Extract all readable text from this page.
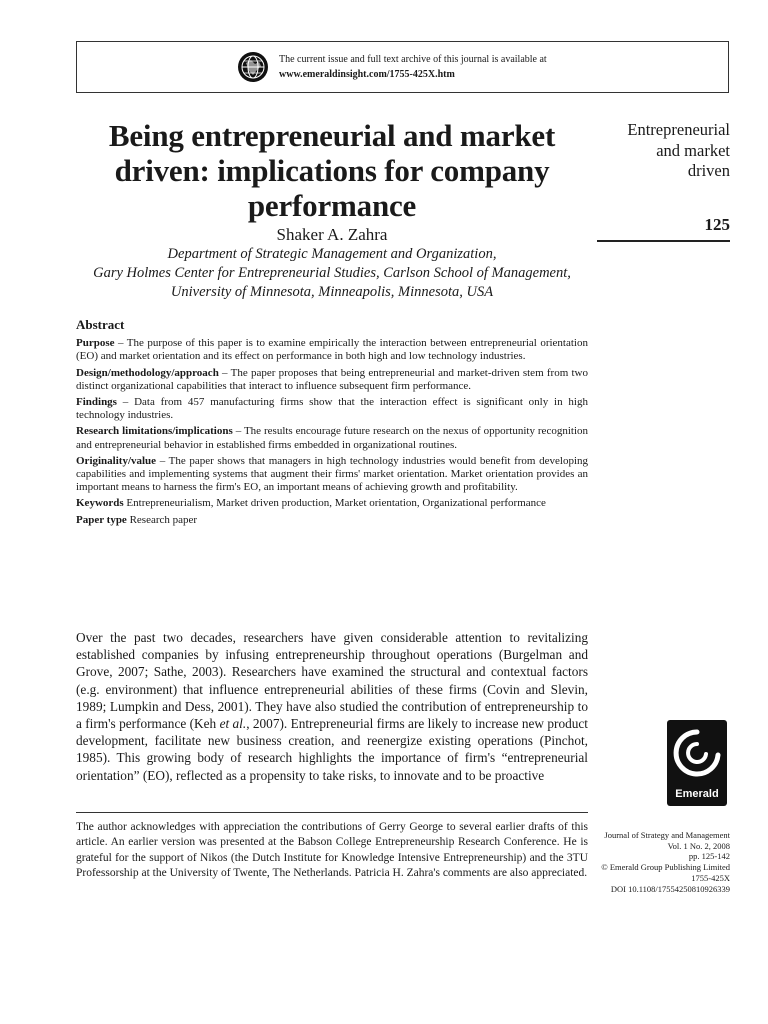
The current issue and full text archive of this journal is available at
www.emeraldinsight.com/1755-425X.htm
Being entrepreneurial and market driven: implications for company performance
Shaker A. Zahra
Department of Strategic Management and Organization,
Gary Holmes Center for Entrepreneurial Studies, Carlson School of Management,
University of Minnesota, Minneapolis, Minnesota, USA
Entrepreneurial
and market
driven
125
Abstract

Purpose – The purpose of this paper is to examine empirically the interaction between entrepreneurial orientation (EO) and market orientation and its effect on performance in both high and low technology industries.

Design/methodology/approach – The paper proposes that being entrepreneurial and market-driven stem from two distinct organizational capabilities that interact to influence subsequent firm performance.

Findings – Data from 457 manufacturing firms show that the interaction effect is significant only in high technology industries.

Research limitations/implications – The results encourage future research on the nexus of opportunity recognition and entrepreneurial behavior in established firms embedded in organizational routines.

Originality/value – The paper shows that managers in high technology industries would benefit from developing capabilities and implementing systems that augment their firms' market orientation. Market orientation provides an important means to harness the firm's EO, an important means of achieving growth and profitability.

Keywords Entrepreneurialism, Market driven production, Market orientation, Organizational performance

Paper type Research paper

Over the past two decades, researchers have given considerable attention to revitalizing established companies by infusing entrepreneurship throughout operations (Burgelman and Grove, 2007; Sathe, 2003). Researchers have examined the structural and contextual factors (e.g. environment) that influence entrepreneurial abilities of these firms (Covin and Slevin, 1989; Lumpkin and Dess, 2001). They have also studied the contribution of entrepreneurship to a firm's performance (Keh et al., 2007). Entrepreneurial firms are likely to increase new product development, facilitate new business creation, and reenergize existing operations (Pinchot, 1985). This growing body of research highlights the importance of firm's “entrepreneurial orientation” (EO), reflected as a propensity to take risks, to innovate and to be proactive

Emerald

The author acknowledges with appreciation the contributions of Gerry George to several earlier drafts of this article. An earlier version was presented at the Babson College Entrepreneurship Research Conference. He is grateful for the support of Nikos (the Dutch Institute for Knowledge Intensive Entrepreneurship) and the 3TU Professorship at the University of Twente, The Netherlands. Patricia H. Zahra's comments are also appreciated.

Journal of Strategy and Management
Vol. 1 No. 2, 2008
pp. 125-142
© Emerald Group Publishing Limited
1755-425X
DOI 10.1108/17554250810926339
